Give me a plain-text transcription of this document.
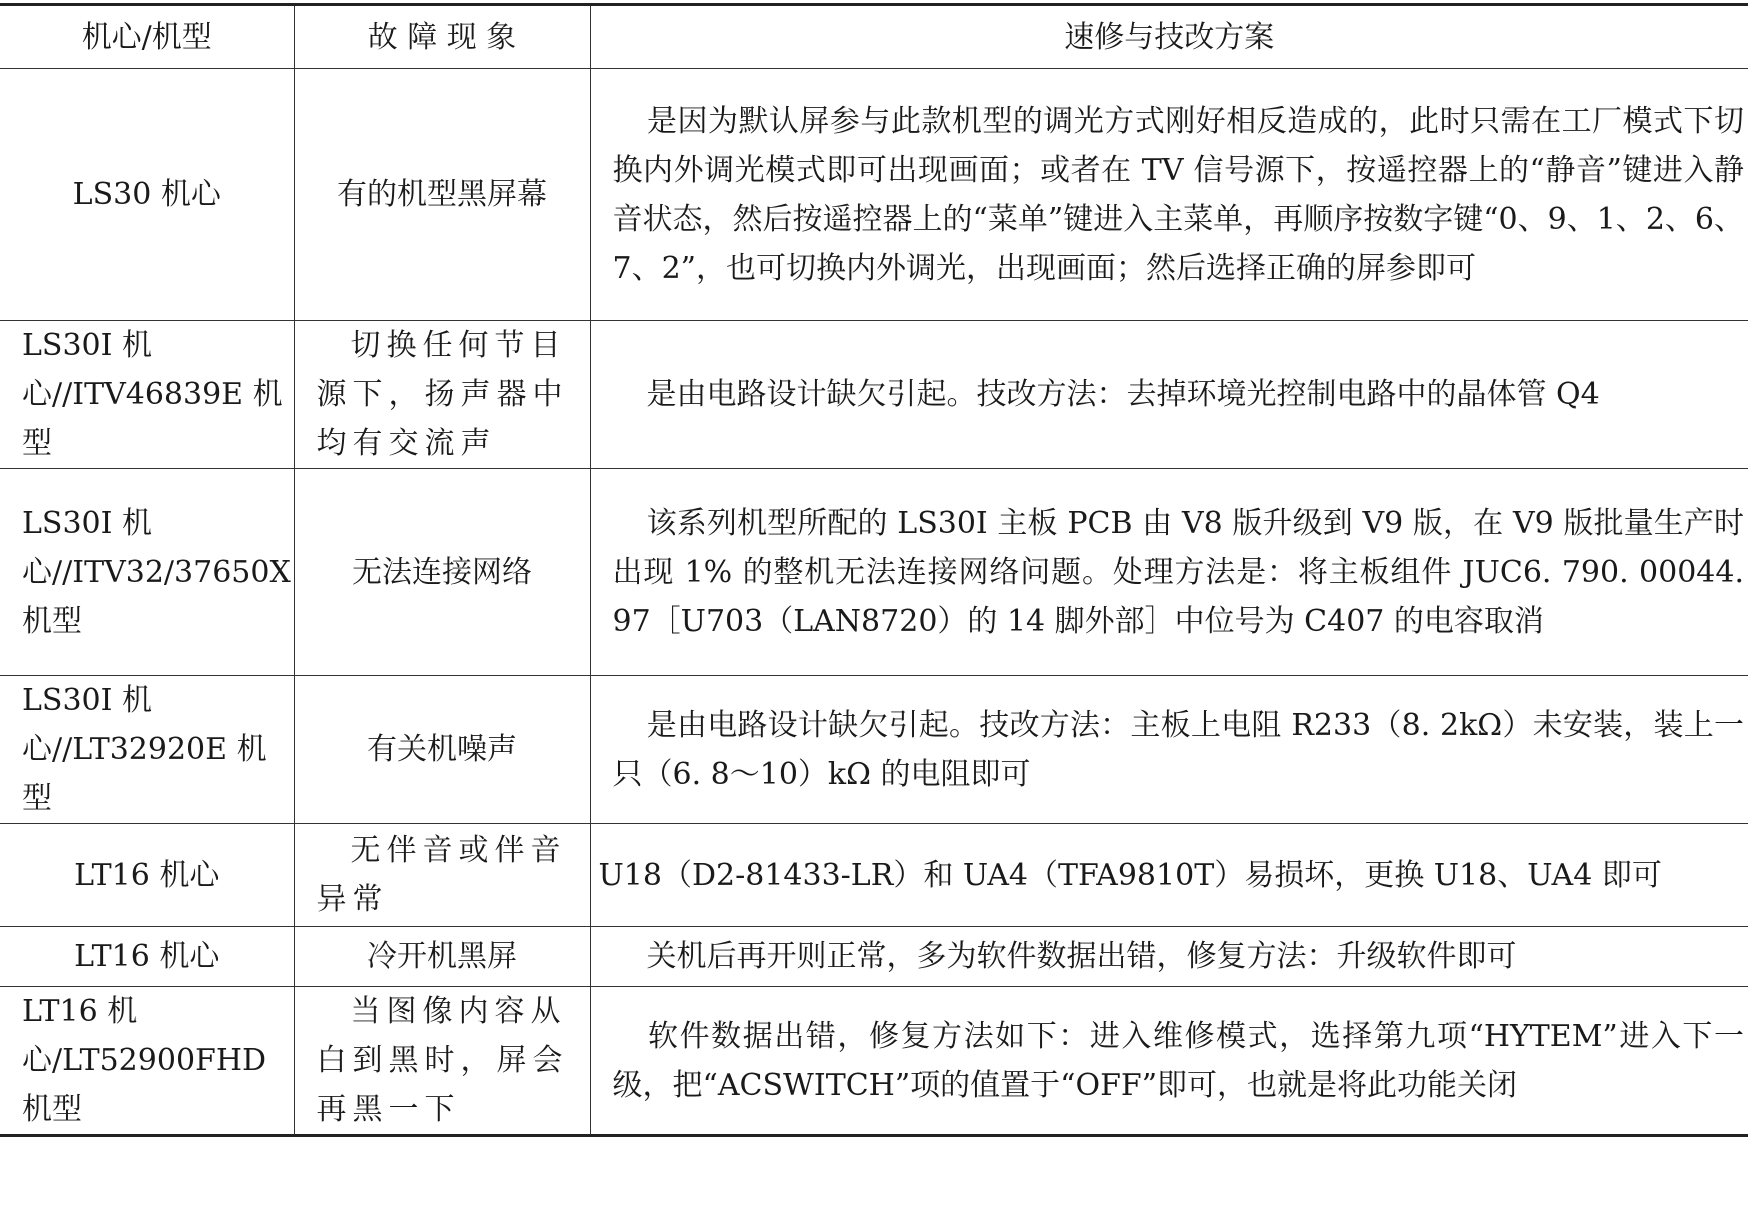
机心/机型	故 障 现 象	速修与技改方案
LS30 机心	有的机型黑屏幕	是因为默认屏参与此款机型的调光方式刚好相反造成的，此时只需在工厂模式下切换内外调光模式即可出现画面；或者在 TV 信号源下，按遥控器上的“静音”键进入静音状态，然后按遥控器上的“菜单”键进入主菜单，再顺序按数字键“0、9、1、2、6、7、2”，也可切换内外调光，出现画面；然后选择正确的屏参即可
LS30I 机心//ITV46839E 机型	切换任何节目源下，扬声器中均有交流声	是由电路设计缺欠引起。技改方法：去掉环境光控制电路中的晶体管 Q4
LS30I 机心//ITV32/37650X 机型	无法连接网络	该系列机型所配的 LS30I 主板 PCB 由 V8 版升级到 V9 版，在 V9 版批量生产时出现 1% 的整机无法连接网络问题。处理方法是：将主板组件 JUC6. 790. 00044. 97［U703（LAN8720）的 14 脚外部］中位号为 C407 的电容取消
LS30I 机心//LT32920E 机型	有关机噪声	是由电路设计缺欠引起。技改方法：主板上电阻 R233（8. 2kΩ）未安装，装上一只（6. 8～10）kΩ 的电阻即可
LT16 机心	无伴音或伴音异常	U18（D2-81433-LR）和 UA4（TFA9810T）易损坏，更换 U18、UA4 即可
LT16 机心	冷开机黑屏	关机后再开则正常，多为软件数据出错，修复方法：升级软件即可
LT16 机心/LT52900FHD 机型	当图像内容从白到黑时，屏会再黑一下	软件数据出错，修复方法如下：进入维修模式，选择第九项“HYTEM”进入下一级，把“ACSWITCH”项的值置于“OFF”即可，也就是将此功能关闭
